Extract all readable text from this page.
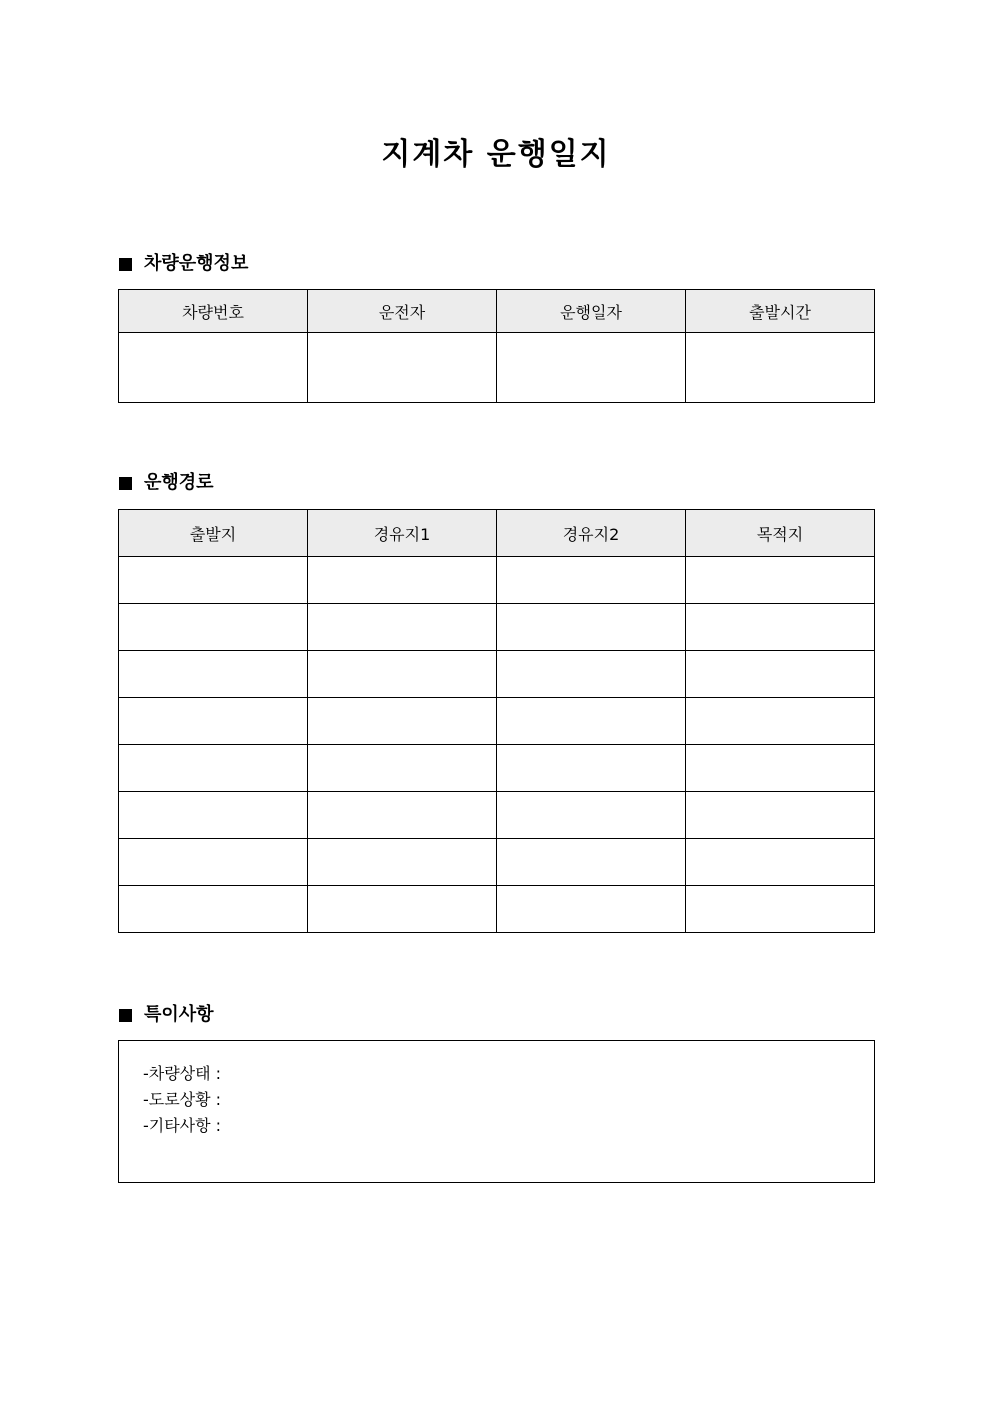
지계차 운행일지
차량운행정보
차량번호	운전자	운행일자	출발시간

운행경로
출발지	경유지1	경유지2	목적지

특이사항
-차량상태 :
-도로상황 :
-기타사항 :
